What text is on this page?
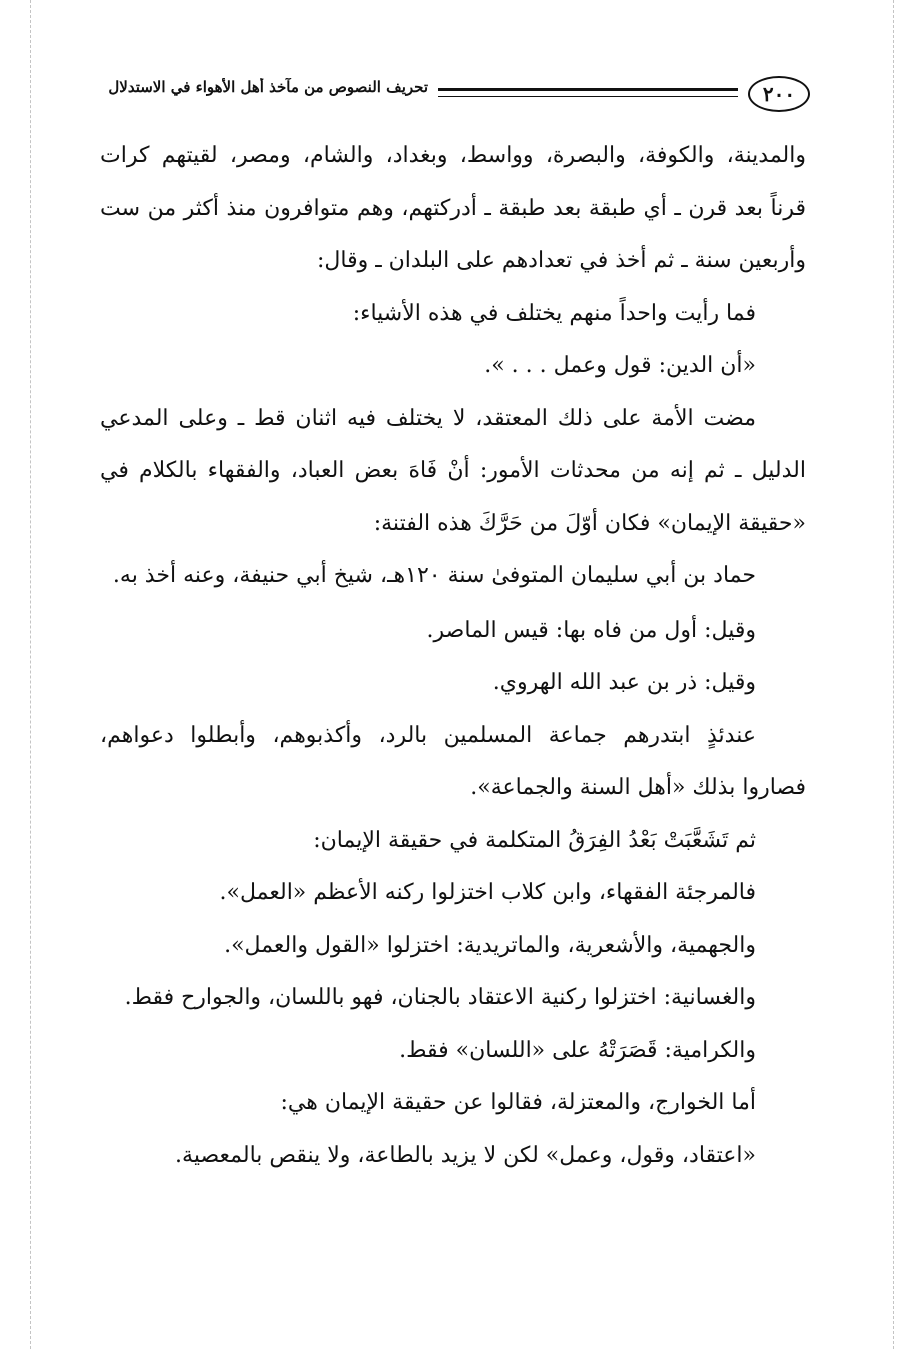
تحريف النصوص من مآخذ أهل الأهواء في الاستدلال	٢٠٠

والمدينة، والكوفة، والبصرة، وواسط، وبغداد، والشام، ومصر، لقيتهم كرات قرناً بعد قرن ـ أي طبقة بعد طبقة ـ أدركتهم، وهم متوافرون منذ أكثر من ست وأربعين سنة ـ ثم أخذ في تعدادهم على البلدان ـ وقال:

فما رأيت واحداً منهم يختلف في هذه الأشياء:

«أن الدين: قول وعمل . . . ».

مضت الأمة على ذلك المعتقد، لا يختلف فيه اثنان قط ـ وعلى المدعي الدليل ـ ثم إنه من محدثات الأمور: أنْ فَاهَ بعض العباد، والفقهاء بالكلام في «حقيقة الإيمان» فكان أوّلَ من حَرَّكَ هذه الفتنة:

حماد بن أبي سليمان المتوفىٰ سنة ١٢٠هـ، شيخ أبي حنيفة، وعنه أخذ به.

وقيل: أول من فاه بها: قيس الماصر.

وقيل: ذر بن عبد الله الهروي.

عندئذٍ ابتدرهم جماعة المسلمين بالرد، وأكذبوهم، وأبطلوا دعواهم، فصاروا بذلك «أهل السنة والجماعة».

ثم تَشَعَّبَتْ بَعْدُ الفِرَقُ المتكلمة في حقيقة الإيمان:

فالمرجئة الفقهاء، وابن كلاب اختزلوا ركنه الأعظم «العمل».

والجهمية، والأشعرية، والماتريدية: اختزلوا «القول والعمل».

والغسانية: اختزلوا ركنية الاعتقاد بالجنان، فهو باللسان، والجوارح فقط.

والكرامية: قَصَرَتْهُ على «اللسان» فقط.

أما الخوارج، والمعتزلة، فقالوا عن حقيقة الإيمان هي:

«اعتقاد، وقول، وعمل» لكن لا يزيد بالطاعة، ولا ينقص بالمعصية.
